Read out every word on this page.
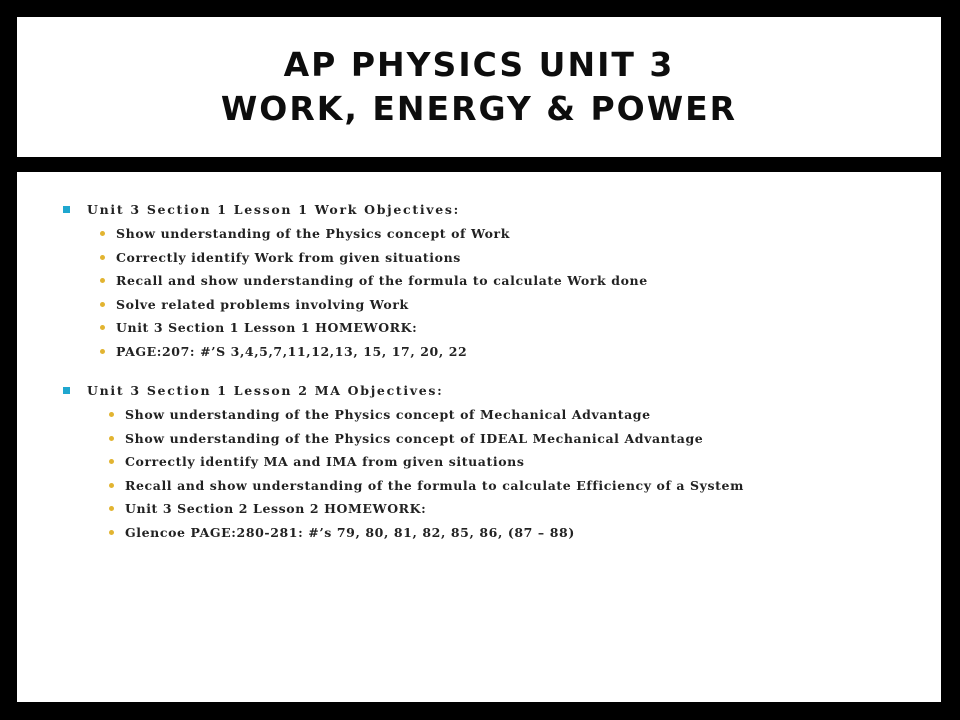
AP PHYSICS UNIT 3
WORK, ENERGY & POWER
Unit 3 Section 1 Lesson 1 Work Objectives:
Show understanding of the Physics concept of Work
Correctly identify Work from given situations
Recall and show understanding of the formula to calculate Work done
Solve related problems involving Work
Unit 3 Section 1 Lesson 1 HOMEWORK:
PAGE:207: #’S 3,4,5,7,11,12,13, 15, 17, 20, 22
Unit 3 Section 1 Lesson 2 MA Objectives:
Show understanding of the Physics concept of Mechanical Advantage
Show understanding of the Physics concept of IDEAL Mechanical Advantage
Correctly identify MA and IMA from given situations
Recall and show understanding of the formula to calculate Efficiency of a System
Unit 3 Section 2 Lesson 2 HOMEWORK:
Glencoe PAGE:280-281: #’s 79, 80, 81, 82, 85, 86, (87 – 88)
